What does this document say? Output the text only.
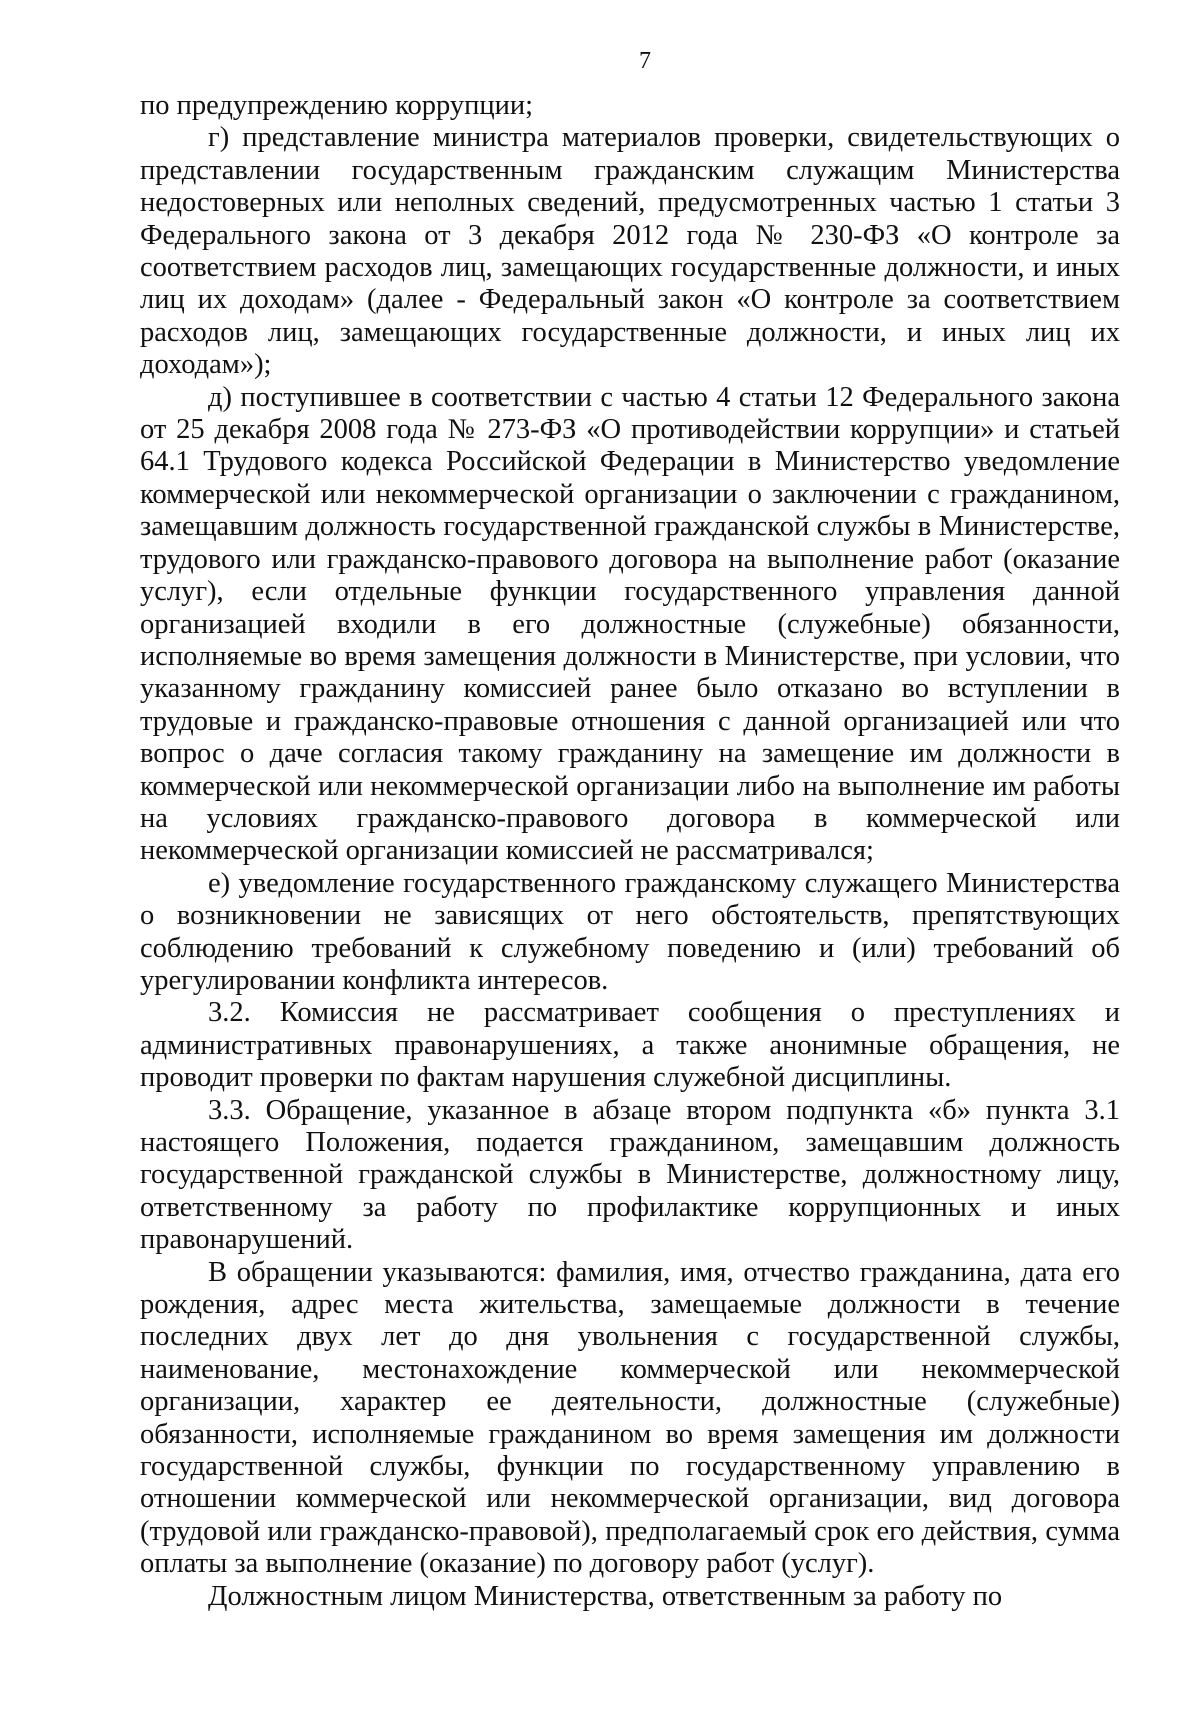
7

по предупреждению коррупции;

г) представление министра материалов проверки, свидетельствующих о представлении государственным гражданским служащим Министерства недостоверных или неполных сведений, предусмотренных частью 1 статьи 3 Федерального закона от 3 декабря 2012 года № 230-ФЗ «О контроле за соответствием расходов лиц, замещающих государственные должности, и иных лиц их доходам» (далее - Федеральный закон «О контроле за соответствием расходов лиц, замещающих государственные должности, и иных лиц их доходам»);

д) поступившее в соответствии с частью 4 статьи 12 Федерального закона от 25 декабря 2008 года № 273-ФЗ «О противодействии коррупции» и статьей 64.1 Трудового кодекса Российской Федерации в Министерство уведомление коммерческой или некоммерческой организации о заключении с гражданином, замещавшим должность государственной гражданской службы в Министерстве, трудового или гражданско-правового договора на выполнение работ (оказание услуг), если отдельные функции государственного управления данной организацией входили в его должностные (служебные) обязанности, исполняемые во время замещения должности в Министерстве, при условии, что указанному гражданину комиссией ранее было отказано во вступлении в трудовые и гражданско-правовые отношения с данной организацией или что вопрос о даче согласия такому гражданину на замещение им должности в коммерческой или некоммерческой организации либо на выполнение им работы на условиях гражданско-правового договора в коммерческой или некоммерческой организации комиссией не рассматривался;

е) уведомление государственного гражданскому служащего Министерства о возникновении не зависящих от него обстоятельств, препятствующих соблюдению требований к служебному поведению и (или) требований об урегулировании конфликта интересов.

3.2. Комиссия не рассматривает сообщения о преступлениях и административных правонарушениях, а также анонимные обращения, не проводит проверки по фактам нарушения служебной дисциплины.

3.3. Обращение, указанное в абзаце втором подпункта «б» пункта 3.1 настоящего Положения, подается гражданином, замещавшим должность государственной гражданской службы в Министерстве, должностному лицу, ответственному за работу по профилактике коррупционных и иных правонарушений.

В обращении указываются: фамилия, имя, отчество гражданина, дата его рождения, адрес места жительства, замещаемые должности в течение последних двух лет до дня увольнения с государственной службы, наименование, местонахождение коммерческой или некоммерческой организации, характер ее деятельности, должностные (служебные) обязанности, исполняемые гражданином во время замещения им должности государственной службы, функции по государственному управлению в отношении коммерческой или некоммерческой организации, вид договора (трудовой или гражданско-правовой), предполагаемый срок его действия, сумма оплаты за выполнение (оказание) по договору работ (услуг).

Должностным лицом Министерства, ответственным за работу по
